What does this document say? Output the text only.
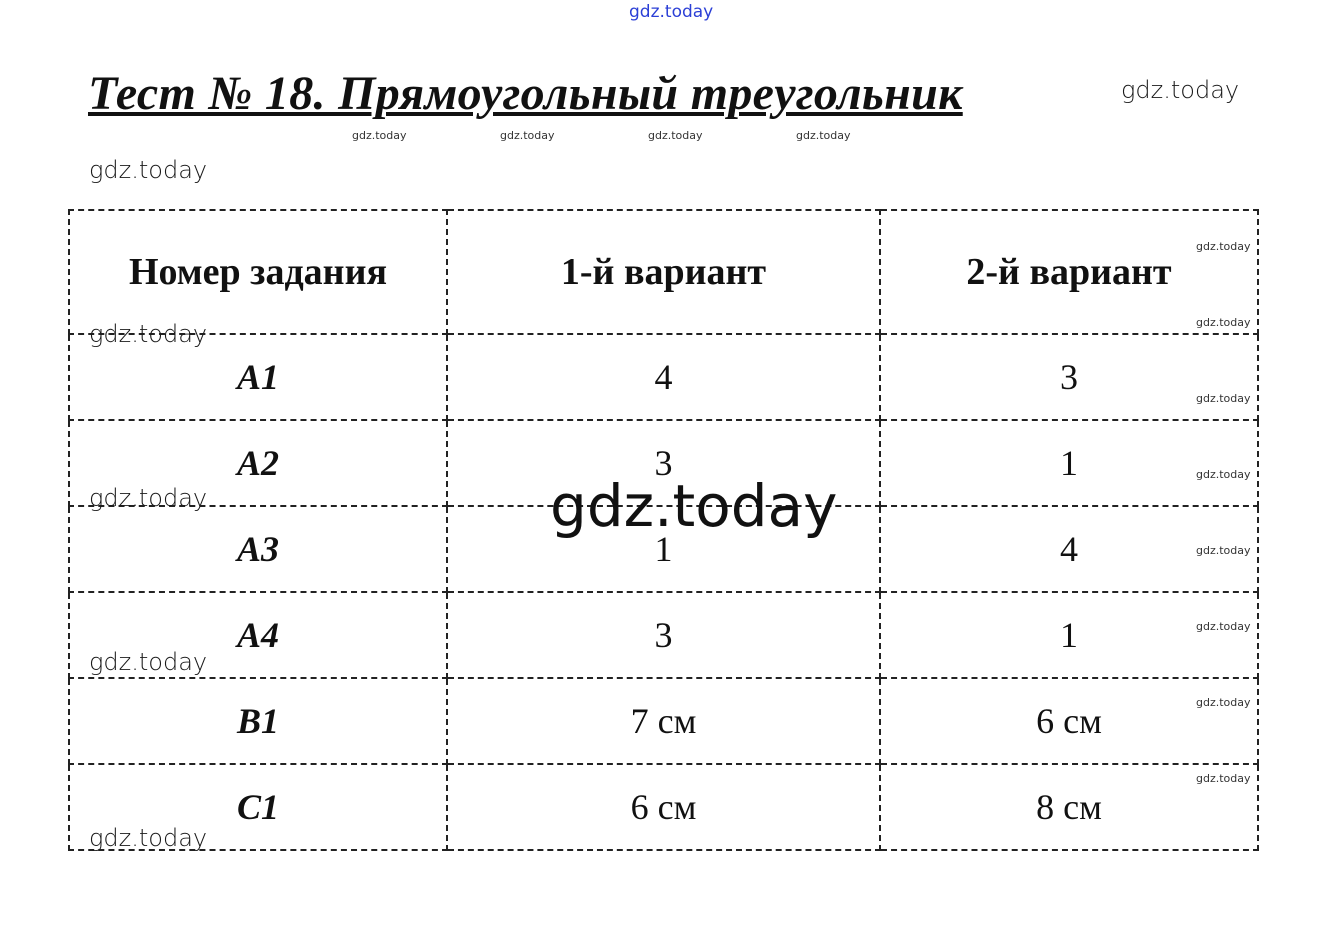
gdz.today
Тест № 18. Прямоугольный треугольник	gdz.today
gdz.today	gdz.today	gdz.today	gdz.today
gdz.today
Номер задания	1-й вариант	2-й вариант
A1	4	3
A2	3	1
A3	1	4
A4	3	1
B1	7 см	6 см
C1	6 см	8 см
gdz.today
gdz.today
gdz.today
gdz.today
gdz.today
gdz.today
gdz.today
gdz.today
gdz.today
gdz.today
gdz.today
gdz.today
gdz.today
